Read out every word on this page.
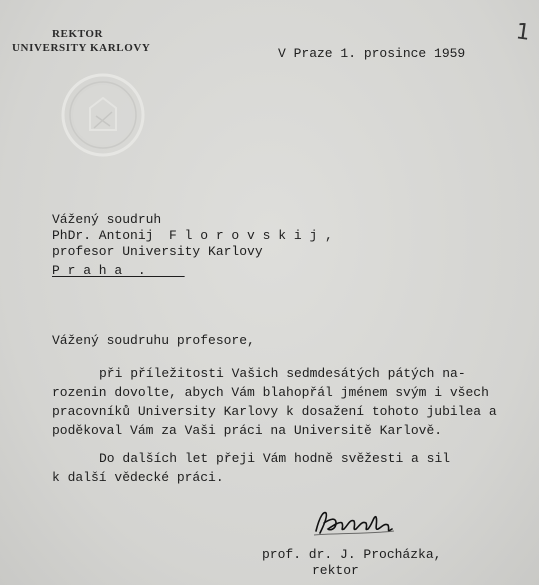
REKTOR
UNIVERSITY KARLOVY
1
V Praze 1. prosince 1959
Vážený soudruh
PhDr. Antonij  F l o r o v s k i j ,
profesor University Karlovy
P r a h a  .
Vážený soudruhu profesore,
při příležitosti Vašich sedmdesátých pátých na-
rozenin dovolte, abych Vám blahopřál jménem svým i všech
pracovníků University Karlovy k dosažení tohoto jubilea a
poděkoval Vám za Vaši práci na Universitě Karlově.
Do dalších let přeji Vám hodně svěžesti a sil
k další vědecké práci.
prof. dr. J. Procházka,
rektor
